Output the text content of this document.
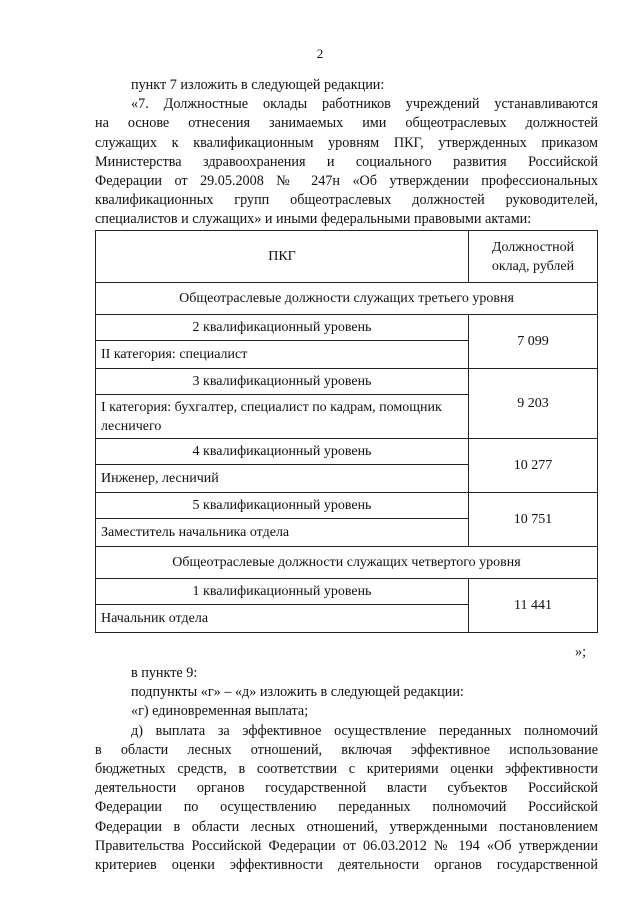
2
пункт 7 изложить в следующей редакции:
«7. Должностные оклады работников учреждений устанавливаются
на основе отнесения занимаемых ими общеотраслевых должностей
служащих к квалификационным уровням ПКГ, утвержденных приказом
Министерства здравоохранения и социального развития Российской
Федерации от 29.05.2008 № 247н «Об утверждении профессиональных
квалификационных групп общеотраслевых должностей руководителей,
специалистов и служащих» и иными федеральными правовыми актами:
ПКГ	Должностной
оклад, рублей

Общеотраслевые должности служащих третьего уровня	
2 квалификационный уровень	7 099
II категория: специалист	
3 квалификационный уровень	9 203

I категория: бухгалтер, специалист по кадрам, помощник
лесничего	

4 квалификационный уровень	10 277
Инженер, лесничий	
5 квалификационный уровень	10 751
Заместитель начальника отдела	
Общеотраслевые должности служащих четвертого уровня	
1 квалификационный уровень	11 441
Начальник отдела	
»;
в пункте 9:
подпункты «г» – «д» изложить в следующей редакции:
«г) единовременная выплата;
д) выплата за эффективное осуществление переданных полномочий
в области лесных отношений, включая эффективное использование
бюджетных средств, в соответствии с критериями оценки эффективности
деятельности органов государственной власти субъектов Российской
Федерации по осуществлению переданных полномочий Российской
Федерации в области лесных отношений, утвержденными постановлением
Правительства Российской Федерации от 06.03.2012 № 194 «Об утверждении
критериев оценки эффективности деятельности органов государственной
